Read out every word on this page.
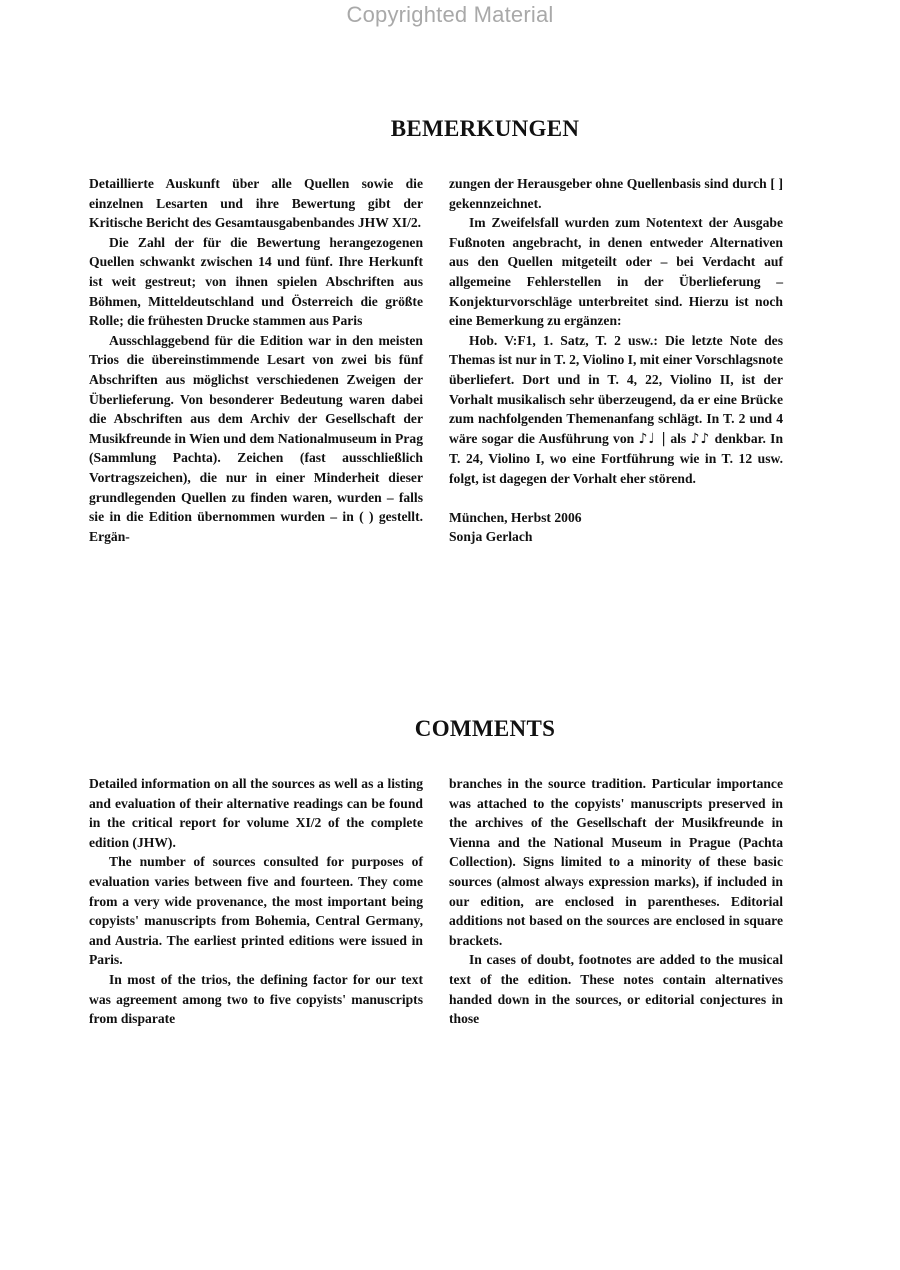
Copyrighted Material
BEMERKUNGEN

Detaillierte Auskunft über alle Quellen sowie die einzelnen Lesarten und ihre Bewertung gibt der Kritische Bericht des Gesamtausgabenbandes JHW XI/2.

Die Zahl der für die Bewertung herangezogenen Quellen schwankt zwischen 14 und fünf. Ihre Herkunft ist weit gestreut; von ihnen spielen Abschriften aus Böhmen, Mitteldeutschland und Österreich die größte Rolle; die frühesten Drucke stammen aus Paris

Ausschlaggebend für die Edition war in den meisten Trios die übereinstimmende Lesart von zwei bis fünf Abschriften aus möglichst verschiedenen Zweigen der Überlieferung. Von besonderer Bedeutung waren dabei die Abschriften aus dem Archiv der Gesellschaft der Musikfreunde in Wien und dem Nationalmuseum in Prag (Sammlung Pachta). Zeichen (fast ausschließlich Vortragszeichen), die nur in einer Minderheit dieser grundlegenden Quellen zu finden waren, wurden – falls sie in die Edition übernommen wurden – in ( ) gestellt. Ergän-

zungen der Herausgeber ohne Quellenbasis sind durch [ ] gekennzeichnet.

Im Zweifelsfall wurden zum Notentext der Ausgabe Fußnoten angebracht, in denen entweder Alternativen aus den Quellen mitgeteilt oder – bei Verdacht auf allgemeine Fehlerstellen in der Überlieferung – Konjekturvorschläge unterbreitet sind. Hierzu ist noch eine Bemerkung zu ergänzen:

Hob. V:F1, 1. Satz, T. 2 usw.: Die letzte Note des Themas ist nur in T. 2, Violino I, mit einer Vorschlagsnote überliefert. Dort und in T. 4, 22, Violino II, ist der Vorhalt musikalisch sehr überzeugend, da er eine Brücke zum nachfolgenden Themenanfang schlägt. In T. 2 und 4 wäre sogar die Ausführung von ♪♩ | als ♪♪ denkbar. In T. 24, Violino I, wo eine Fortführung wie in T. 12 usw. folgt, ist dagegen der Vorhalt eher störend.

München, Herbst 2006

Sonja Gerlach

COMMENTS

Detailed information on all the sources as well as a listing and evaluation of their alternative readings can be found in the critical report for volume XI/2 of the complete edition (JHW).

The number of sources consulted for purposes of evaluation varies between five and fourteen. They come from a very wide provenance, the most important being copyists' manuscripts from Bohemia, Central Germany, and Austria. The earliest printed editions were issued in Paris.

In most of the trios, the defining factor for our text was agreement among two to five copyists' manuscripts from disparate

branches in the source tradition. Particular importance was attached to the copyists' manuscripts preserved in the archives of the Gesellschaft der Musikfreunde in Vienna and the National Museum in Prague (Pachta Collection). Signs limited to a minority of these basic sources (almost always expression marks), if included in our edition, are enclosed in parentheses. Editorial additions not based on the sources are enclosed in square brackets.

In cases of doubt, footnotes are added to the musical text of the edition. These notes contain alternatives handed down in the sources, or editorial conjectures in those
